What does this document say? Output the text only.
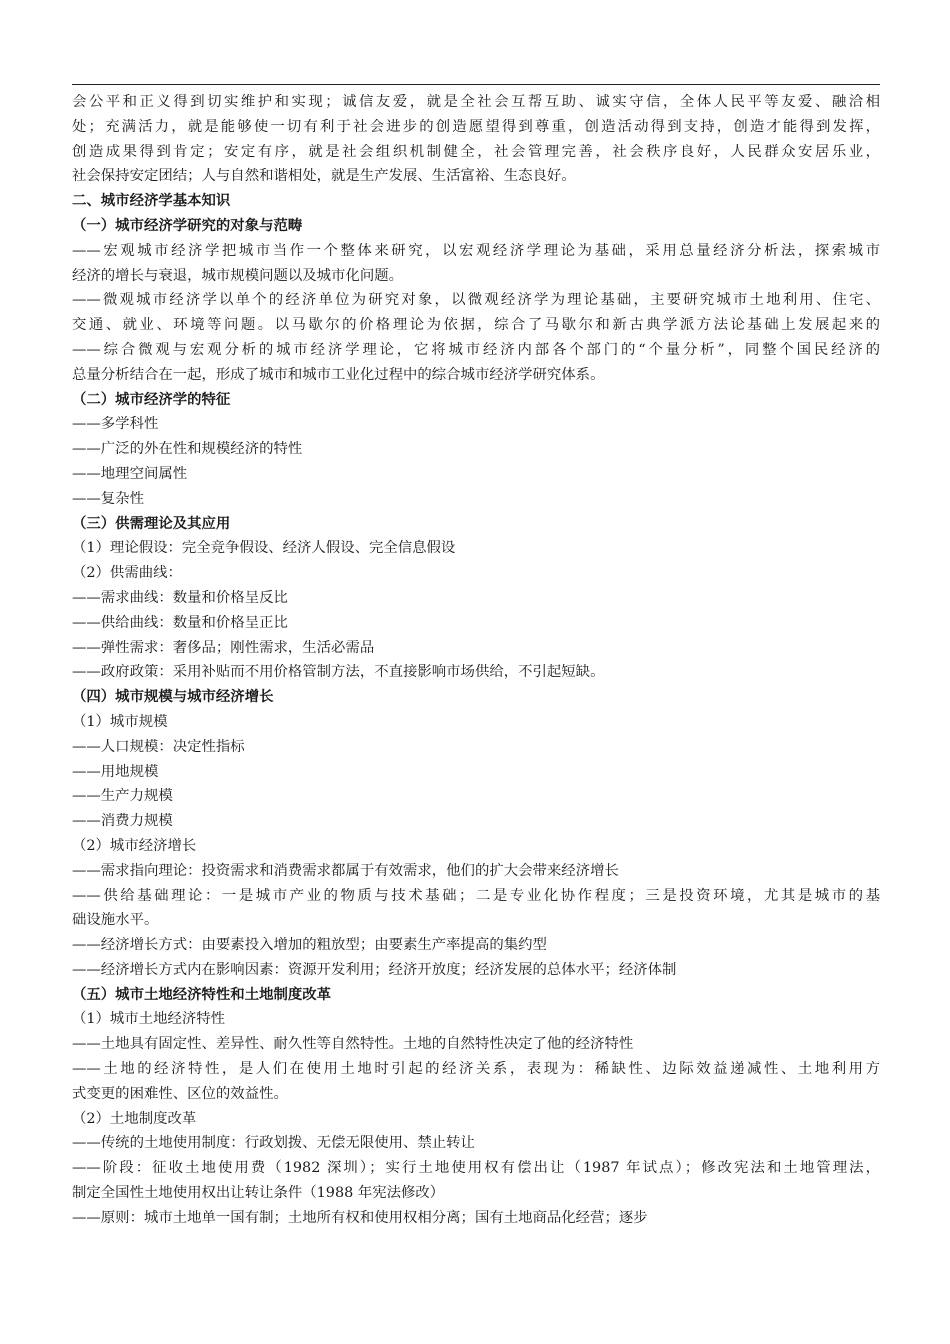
会公平和正义得到切实维护和实现；诚信友爱，就是全社会互帮互助、诚实守信，全体人民平等友爱、融洽相
处；充满活力，就是能够使一切有利于社会进步的创造愿望得到尊重，创造活动得到支持，创造才能得到发挥，
创造成果得到肯定；安定有序，就是社会组织机制健全，社会管理完善，社会秩序良好，人民群众安居乐业，
社会保持安定团结；人与自然和谐相处，就是生产发展、生活富裕、生态良好。
二、城市经济学基本知识
（一）城市经济学研究的对象与范畴
——宏观城市经济学把城市当作一个整体来研究，以宏观经济学理论为基础，采用总量经济分析法，探索城市
经济的增长与衰退，城市规模问题以及城市化问题。
——微观城市经济学以单个的经济单位为研究对象，以微观经济学为理论基础，主要研究城市土地利用、住宅、
交通、就业、环境等问题。以马歇尔的价格理论为依据，综合了马歇尔和新古典学派方法论基础上发展起来的
——综合微观与宏观分析的城市经济学理论，它将城市经济内部各个部门的“个量分析”，同整个国民经济的
总量分析结合在一起，形成了城市和城市工业化过程中的综合城市经济学研究体系。
（二）城市经济学的特征
——多学科性
——广泛的外在性和规模经济的特性
——地理空间属性
——复杂性
（三）供需理论及其应用
（1）理论假设：完全竞争假设、经济人假设、完全信息假设
（2）供需曲线：
——需求曲线：数量和价格呈反比
——供给曲线：数量和价格呈正比
——弹性需求：奢侈品；刚性需求，生活必需品
——政府政策：采用补贴而不用价格管制方法，不直接影响市场供给，不引起短缺。
（四）城市规模与城市经济增长
（1）城市规模
——人口规模：决定性指标
——用地规模
——生产力规模
——消费力规模
（2）城市经济增长
——需求指向理论：投资需求和消费需求都属于有效需求，他们的扩大会带来经济增长
——供给基础理论：一是城市产业的物质与技术基础；二是专业化协作程度；三是投资环境，尤其是城市的基
础设施水平。
——经济增长方式：由要素投入增加的粗放型；由要素生产率提高的集约型
——经济增长方式内在影响因素：资源开发利用；经济开放度；经济发展的总体水平；经济体制
（五）城市土地经济特性和土地制度改革
（1）城市土地经济特性
——土地具有固定性、差异性、耐久性等自然特性。土地的自然特性决定了他的经济特性
——土地的经济特性，是人们在使用土地时引起的经济关系，表现为：稀缺性、边际效益递减性、土地利用方
式变更的困难性、区位的效益性。
（2）土地制度改革
——传统的土地使用制度：行政划拨、无偿无限使用、禁止转让
——阶段：征收土地使用费（1982 深圳）；实行土地使用权有偿出让（1987 年试点）；修改宪法和土地管理法，
制定全国性土地使用权出让转让条件（1988 年宪法修改）
——原则：城市土地单一国有制；土地所有权和使用权相分离；国有土地商品化经营；逐步
